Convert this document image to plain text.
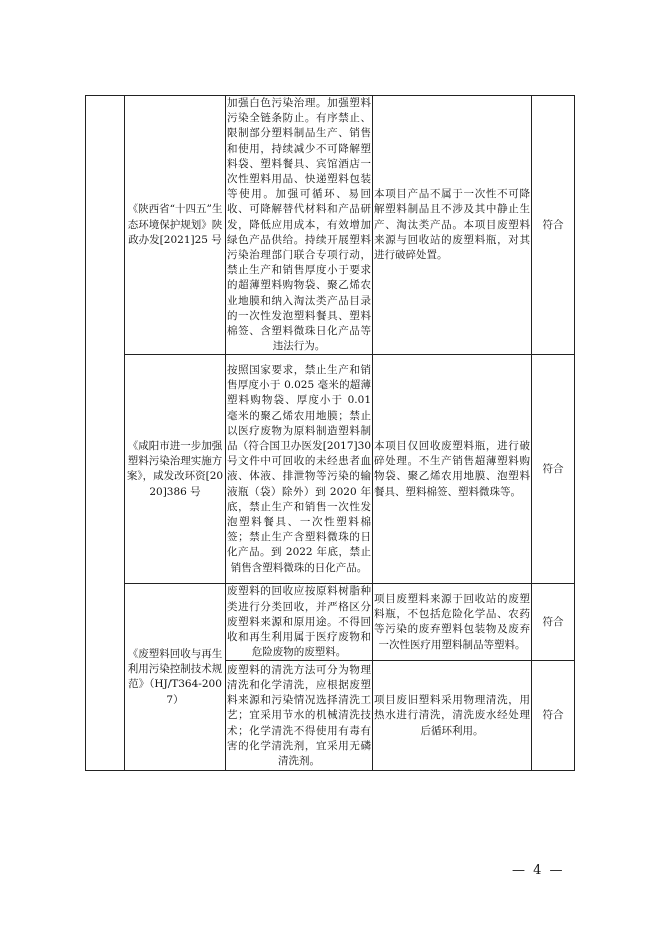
	《陕西省“十四五”生态环境保护规划》陕政办发[2021]25 号	加强白色污染治理。加强塑料污染全链条防止。有序禁止、限制部分塑料制品生产、销售和使用，持续减少不可降解塑料袋、塑料餐具、宾馆酒店一次性塑料用品、快递塑料包装等使用。加强可循环、易回收、可降解替代材料和产品研发，降低应用成本，有效增加绿色产品供给。持续开展塑料污染治理部门联合专项行动，禁止生产和销售厚度小于要求的超薄塑料购物袋、聚乙烯农业地膜和纳入淘汰类产品目录的一次性发泡塑料餐具、塑料棉签、含塑料微珠日化产品等违法行为。	本项目产品不属于一次性不可降解塑料制品且不涉及其中静止生产、淘汰类产品。本项目废塑料来源与回收站的废塑料瓶，对其进行破碎处置。	符合
	《咸阳市进一步加强塑料污染治理实施方案》，咸发改环资[2020]386 号	按照国家要求，禁止生产和销售厚度小于 0.025 毫米的超薄塑料购物袋、厚度小于 0.01 毫米的聚乙烯农用地膜；禁止以医疗废物为原料制造塑料制品（符合国卫办医发[2017]30 号文件中可回收的未经患者血液、体液、排泄物等污染的输液瓶（袋）除外）到 2020 年底，禁止生产和销售一次性发泡塑料餐具、一次性塑料棉签；禁止生产含塑料微珠的日化产品。到 2022 年底，禁止销售含塑料微珠的日化产品。	本项目仅回收废塑料瓶，进行破碎处理。不生产销售超薄塑料购物袋、聚乙烯农用地膜、泡塑料餐具、塑料棉签、塑料微珠等。	符合
	《废塑料回收与再生利用污染控制技术规范》（HJ/T364-2007）	废塑料的回收应按原料树脂种类进行分类回收，并严格区分废塑料来源和原用途。不得回收和再生利用属于医疗废物和危险废物的废塑料。	项目废塑料来源于回收站的废塑料瓶，不包括危险化学品、农药等污染的废弃塑料包装物及废弃一次性医疗用塑料制品等塑料。	符合

		废塑料的清洗方法可分为物理清洗和化学清洗，应根据废塑料来源和污染情况选择清洗工艺；宜采用节水的机械清洗技术；化学清洗不得使用有毒有害的化学清洗剂，宜采用无磷清洗剂。	项目废旧塑料采用物理清洗，用热水进行清洗，清洗废水经处理后循环利用。	符合
— 4 —
